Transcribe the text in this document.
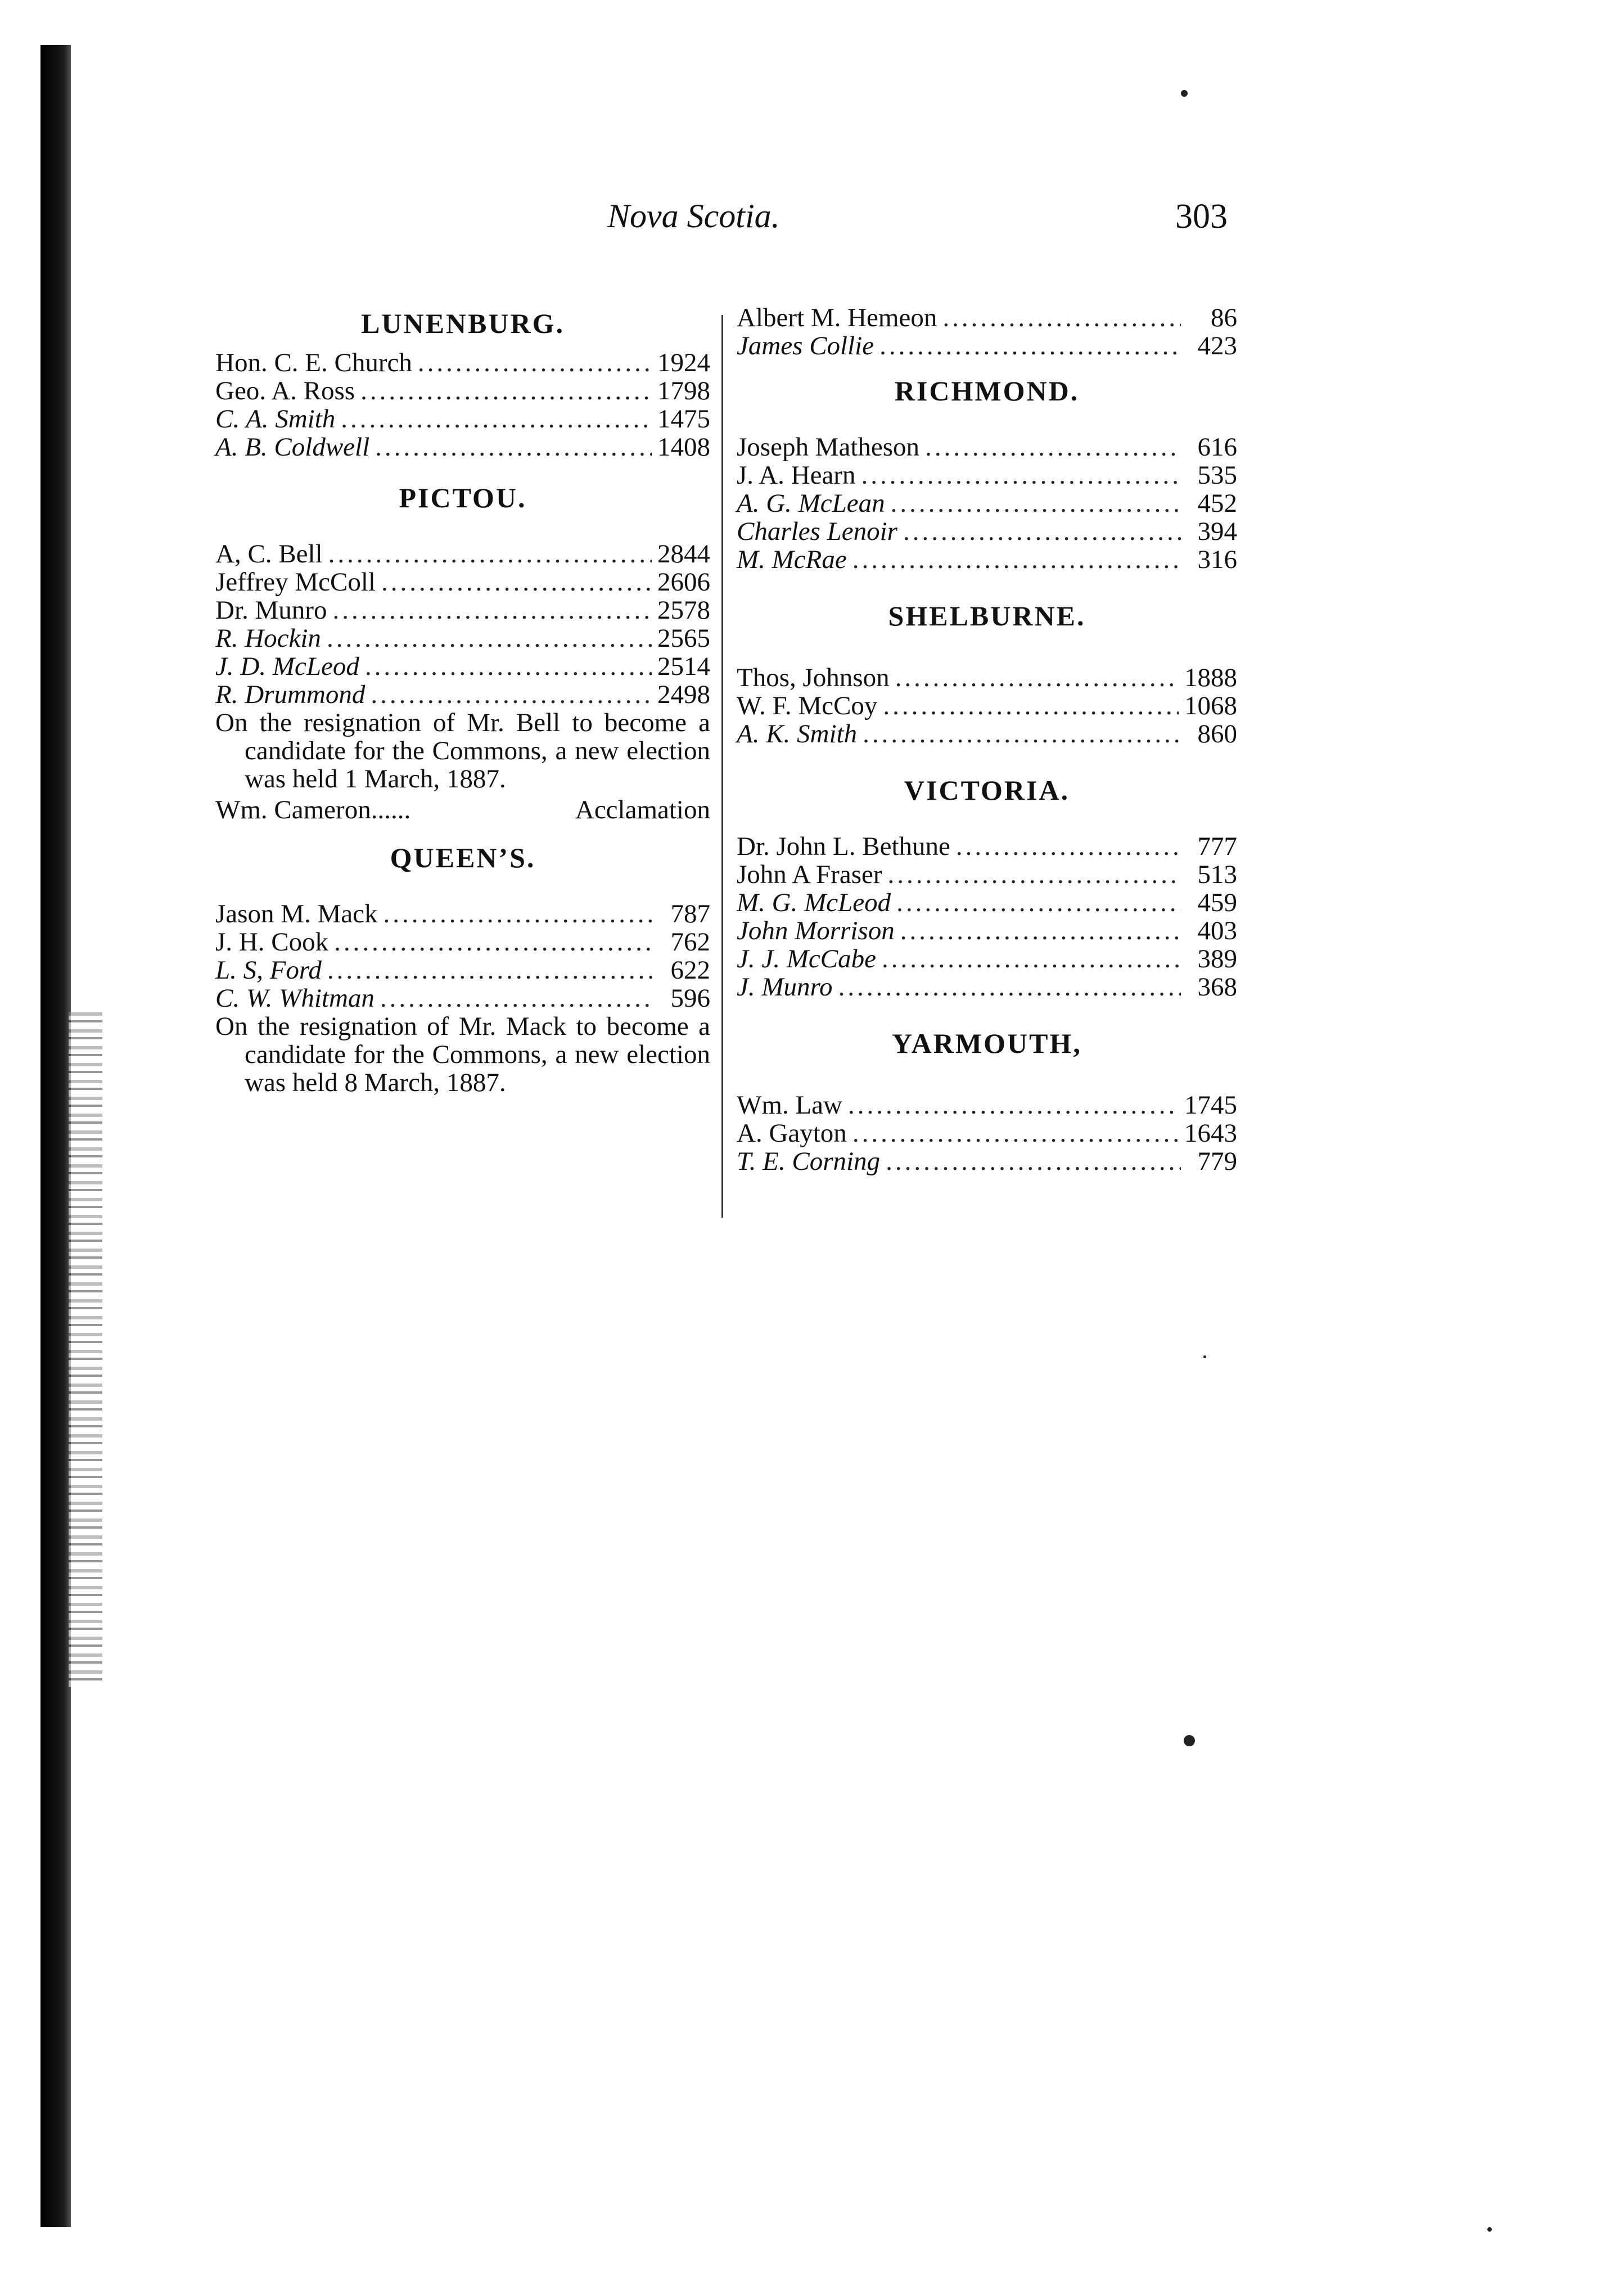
Nova Scotia.	303
LUNENBURG.
Hon. C. E. Church .....	1924
Geo. A. Ross .....	1798
C. A. Smith .....	1475
A. B. Coldwell .....	1408
PICTOU.
A, C. Bell .....	2844
Jeffrey McColl .....	2606
Dr. Munro .....	2578
R. Hockin .....	2565
J. D. McLeod .....	2514
R. Drummond .....	2498

On the resignation of Mr. Bell to become a candidate for the Commons, a new election was held 1 March, 1887.

Wm. Cameron......	Acclamation
QUEEN’S.
Jason M. Mack .....	787
J. H. Cook .....	762
L. S, Ford .....	622
C. W. Whitman .....	596

On the resignation of Mr. Mack to become a candidate for the Commons, a new election was held 8 March, 1887.

Albert M. Hemeon .....	86
James Collie .....	423
RICHMOND.
Joseph Matheson .....	616
J. A. Hearn .....	535
A. G. McLean .....	452
Charles Lenoir .....	394
M. McRae .....	316
SHELBURNE.
Thos, Johnson .....	1888
W. F. McCoy .....	1068
A. K. Smith .....	860
VICTORIA.
Dr. John L. Bethune .....	777
John A Fraser .....	513
M. G. McLeod .....	459
John Morrison .....	403
J. J. McCabe .....	389
J. Munro .....	368
YARMOUTH,
Wm. Law .....	1745
A. Gayton .....	1643
T. E. Corning .....	779
